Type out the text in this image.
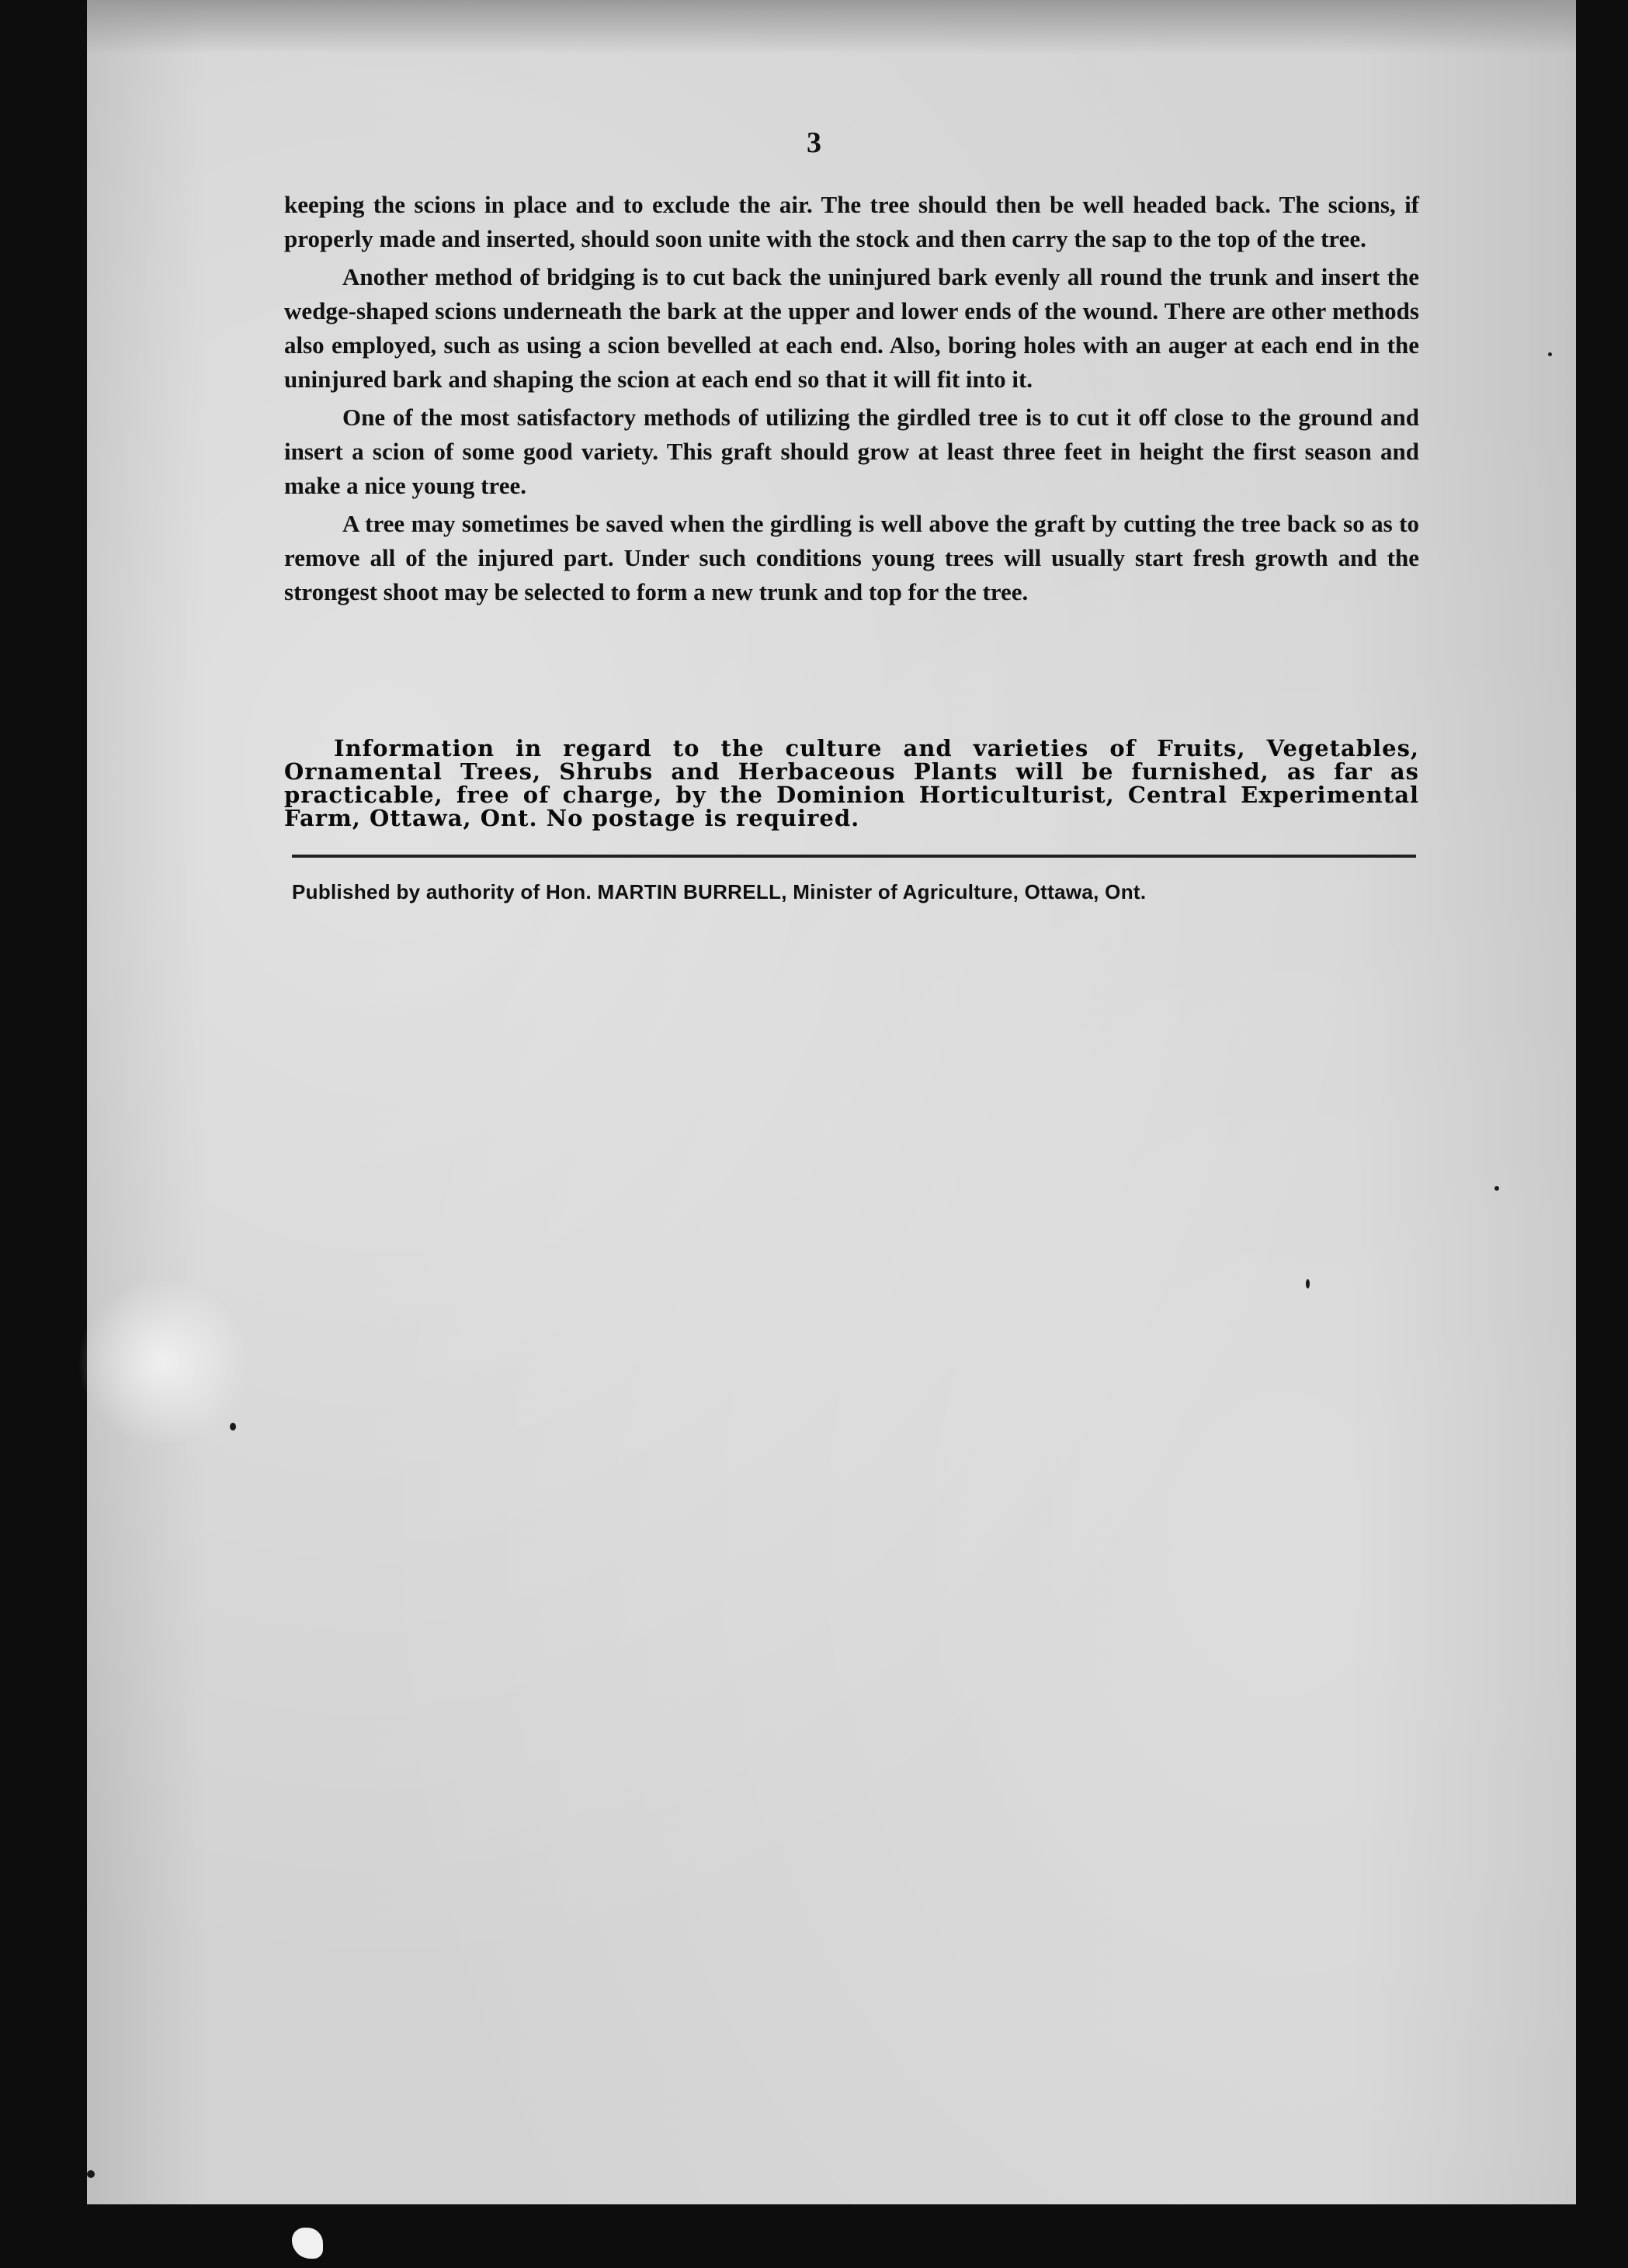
3

keeping the scions in place and to exclude the air. The tree should then be well headed back. The scions, if properly made and inserted, should soon unite with the stock and then carry the sap to the top of the tree.

Another method of bridging is to cut back the uninjured bark evenly all round the trunk and insert the wedge-shaped scions underneath the bark at the upper and lower ends of the wound. There are other methods also employed, such as using a scion bevelled at each end. Also, boring holes with an auger at each end in the uninjured bark and shaping the scion at each end so that it will fit into it.

One of the most satisfactory methods of utilizing the girdled tree is to cut it off close to the ground and insert a scion of some good variety. This graft should grow at least three feet in height the first season and make a nice young tree.

A tree may sometimes be saved when the girdling is well above the graft by cutting the tree back so as to remove all of the injured part. Under such conditions young trees will usually start fresh growth and the strongest shoot may be selected to form a new trunk and top for the tree.

Information in regard to the culture and varieties of Fruits, Vegetables, Ornamental Trees, Shrubs and Herbaceous Plants will be furnished, as far as practicable, free of charge, by the Dominion Horticulturist, Central Experimental Farm, Ottawa, Ont. No postage is required.
Published by authority of Hon. MARTIN BURRELL, Minister of Agriculture, Ottawa, Ont.
